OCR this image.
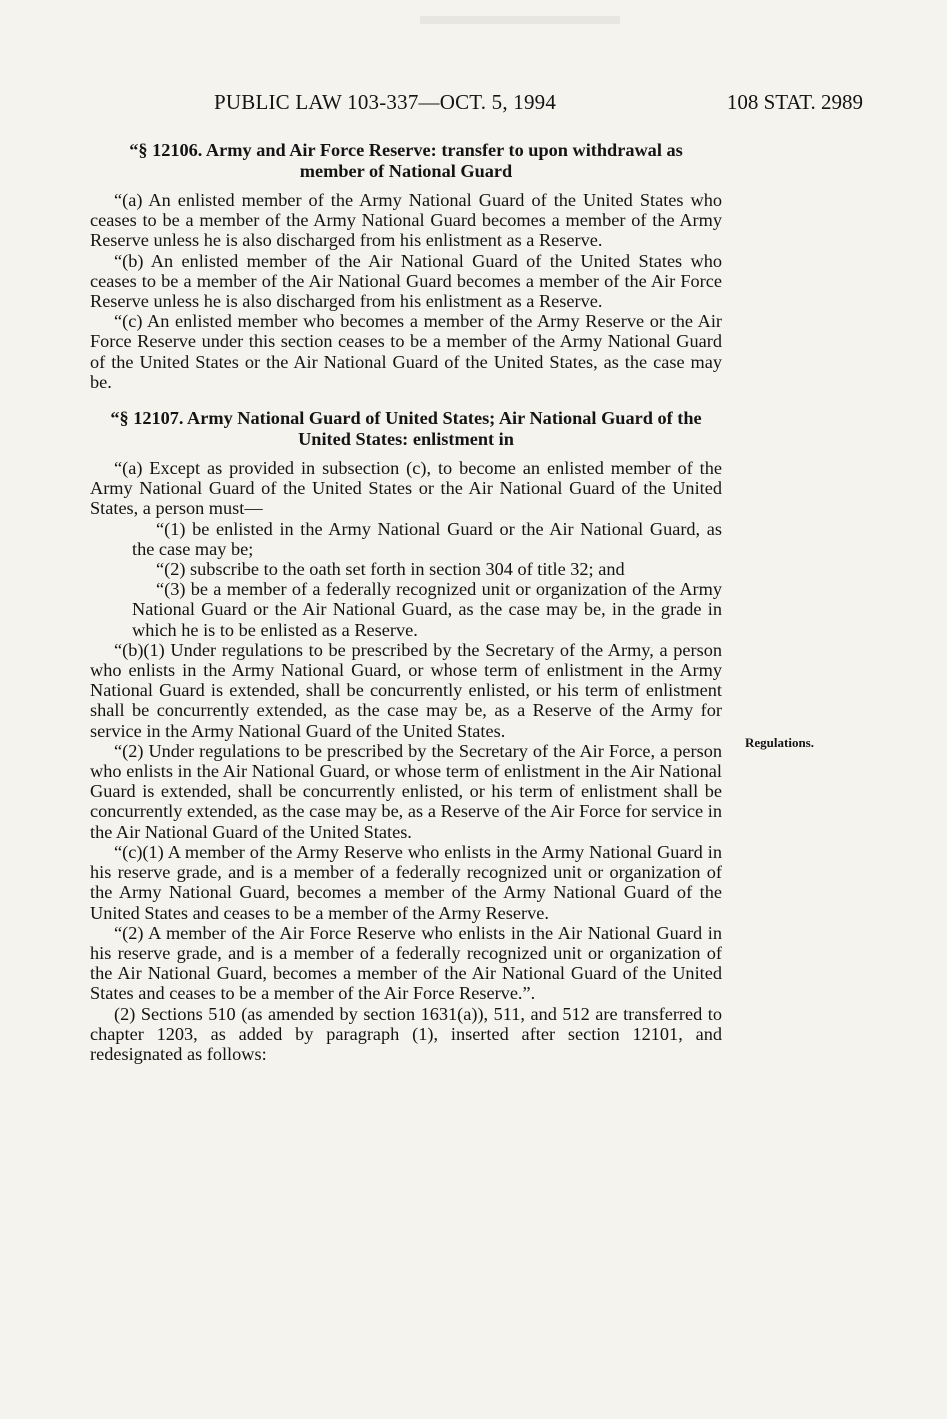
PUBLIC LAW 103-337—OCT. 5, 1994	108 STAT. 2989
“§ 12106. Army and Air Force Reserve: transfer to upon withdrawal as member of National Guard

“(a) An enlisted member of the Army National Guard of the United States who ceases to be a member of the Army National Guard becomes a member of the Army Reserve unless he is also discharged from his enlistment as a Reserve.

“(b) An enlisted member of the Air National Guard of the United States who ceases to be a member of the Air National Guard becomes a member of the Air Force Reserve unless he is also discharged from his enlistment as a Reserve.

“(c) An enlisted member who becomes a member of the Army Reserve or the Air Force Reserve under this section ceases to be a member of the Army National Guard of the United States or the Air National Guard of the United States, as the case may be.

“§ 12107. Army National Guard of United States; Air National Guard of the United States: enlistment in

“(a) Except as provided in subsection (c), to become an enlisted member of the Army National Guard of the United States or the Air National Guard of the United States, a person must—

“(1) be enlisted in the Army National Guard or the Air National Guard, as the case may be;

“(2) subscribe to the oath set forth in section 304 of title 32; and

“(3) be a member of a federally recognized unit or organization of the Army National Guard or the Air National Guard, as the case may be, in the grade in which he is to be enlisted as a Reserve.

“(b)(1) Under regulations to be prescribed by the Secretary of the Army, a person who enlists in the Army National Guard, or whose term of enlistment in the Army National Guard is extended, shall be concurrently enlisted, or his term of enlistment shall be concurrently extended, as the case may be, as a Reserve of the Army for service in the Army National Guard of the United States.

“(2) Under regulations to be prescribed by the Secretary of the Air Force, a person who enlists in the Air National Guard, or whose term of enlistment in the Air National Guard is extended, shall be concurrently enlisted, or his term of enlistment shall be concurrently extended, as the case may be, as a Reserve of the Air Force for service in the Air National Guard of the United States.

“(c)(1) A member of the Army Reserve who enlists in the Army National Guard in his reserve grade, and is a member of a federally recognized unit or organization of the Army National Guard, becomes a member of the Army National Guard of the United States and ceases to be a member of the Army Reserve.

“(2) A member of the Air Force Reserve who enlists in the Air National Guard in his reserve grade, and is a member of a federally recognized unit or organization of the Air National Guard, becomes a member of the Air National Guard of the United States and ceases to be a member of the Air Force Reserve.”.

(2) Sections 510 (as amended by section 1631(a)), 511, and 512 are transferred to chapter 1203, as added by paragraph (1), inserted after section 12101, and redesignated as follows:

Regulations.
